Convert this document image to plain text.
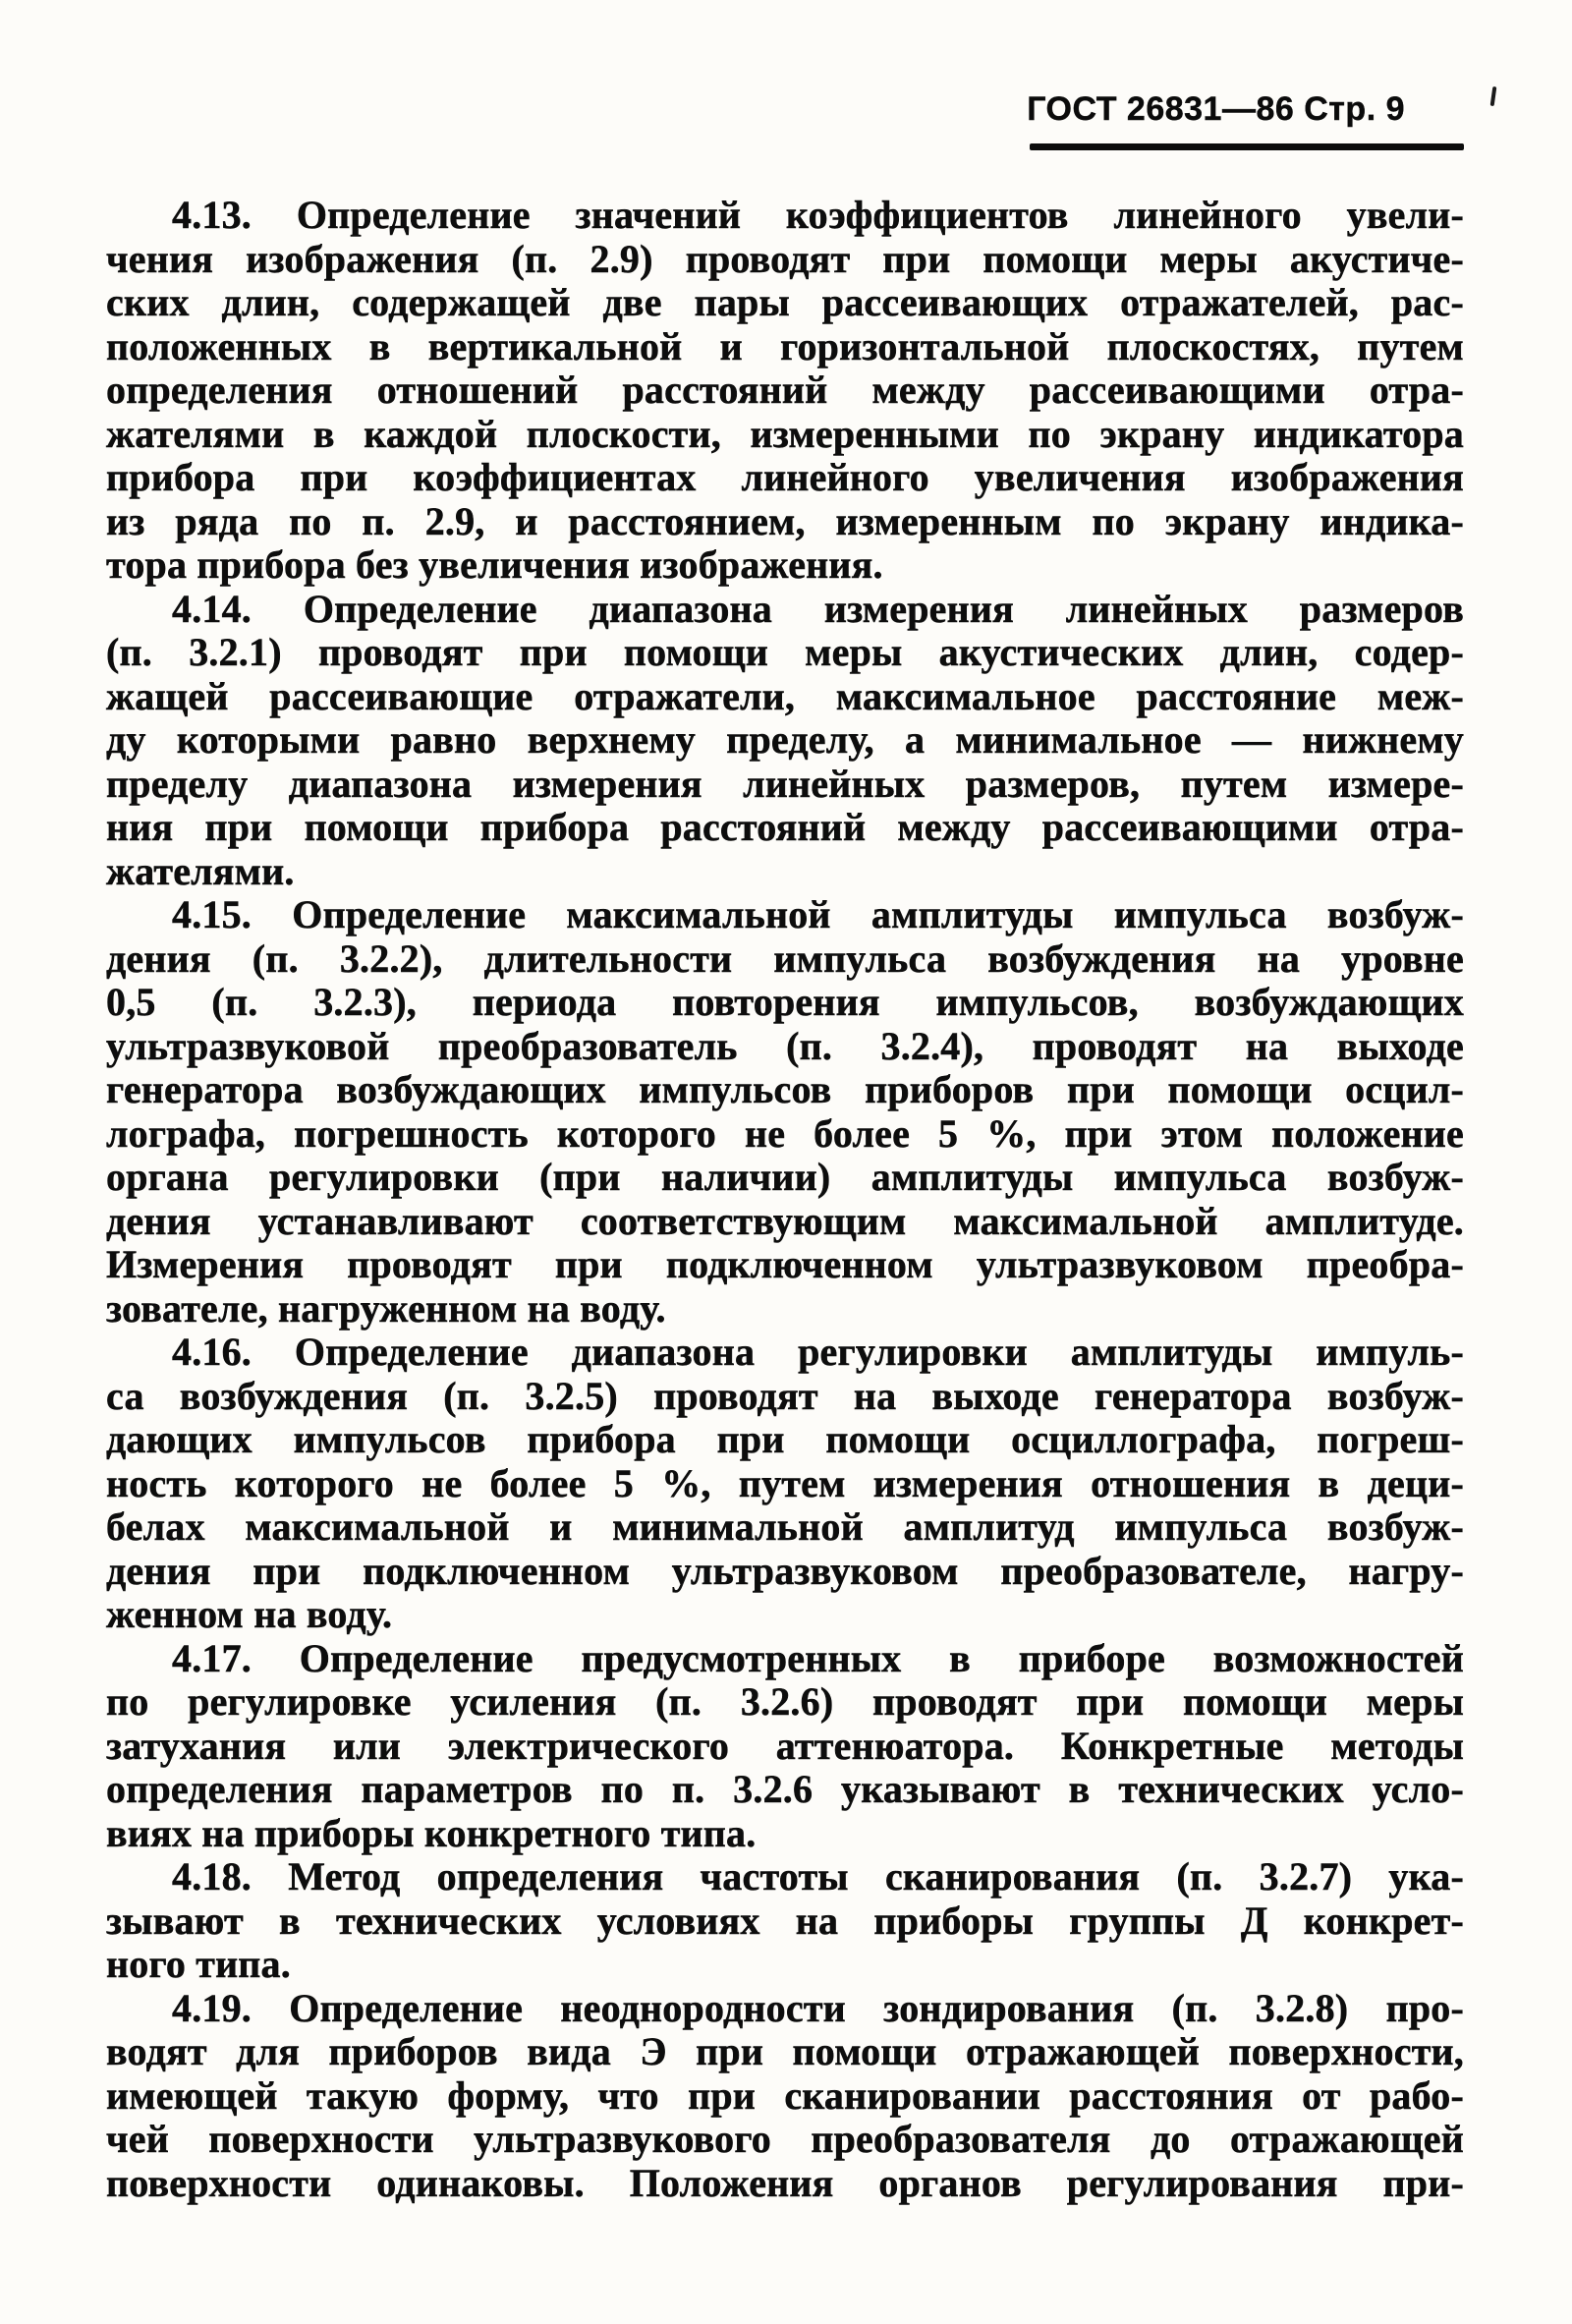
ГОСТ 26831—86 Стр. 9
4.13. Определение значений коэффициентов линейного увели-
чения изображения (п. 2.9) проводят при помощи меры акустиче-
ских длин, содержащей две пары рассеивающих отражателей, рас-
положенных в вертикальной и горизонтальной плоскостях, путем
определения отношений расстояний между рассеивающими отра-
жателями в каждой плоскости, измеренными по экрану индикатора
прибора при коэффициентах линейного увеличения изображения
из ряда по п. 2.9, и расстоянием, измеренным по экрану индика-
тора прибора без увеличения изображения.
4.14. Определение диапазона измерения линейных размеров
(п. 3.2.1) проводят при помощи меры акустических длин, содер-
жащей рассеивающие отражатели, максимальное расстояние меж-
ду которыми равно верхнему пределу, а минимальное — нижнему
пределу диапазона измерения линейных размеров, путем измере-
ния при помощи прибора расстояний между рассеивающими отра-
жателями.
4.15. Определение максимальной амплитуды импульса возбуж-
дения (п. 3.2.2), длительности импульса возбуждения на уровне
0,5 (п. 3.2.3), периода повторения импульсов, возбуждающих
ультразвуковой преобразователь (п. 3.2.4), проводят на выходе
генератора возбуждающих импульсов приборов при помощи осцил-
лографа, погрешность которого не более 5 %, при этом положение
органа регулировки (при наличии) амплитуды импульса возбуж-
дения устанавливают соответствующим максимальной амплитуде.
Измерения проводят при подключенном ультразвуковом преобра-
зователе, нагруженном на воду.
4.16. Определение диапазона регулировки амплитуды импуль-
са возбуждения (п. 3.2.5) проводят на выходе генератора возбуж-
дающих импульсов прибора при помощи осциллографа, погреш-
ность которого не более 5 %, путем измерения отношения в деци-
белах максимальной и минимальной амплитуд импульса возбуж-
дения при подключенном ультразвуковом преобразователе, нагру-
женном на воду.
4.17. Определение предусмотренных в приборе возможностей
по регулировке усиления (п. 3.2.6) проводят при помощи меры
затухания или электрического аттенюатора. Конкретные методы
определения параметров по п. 3.2.6 указывают в технических усло-
виях на приборы конкретного типа.
4.18. Метод определения частоты сканирования (п. 3.2.7) ука-
зывают в технических условиях на приборы группы Д конкрет-
ного типа.
4.19. Определение неоднородности зондирования (п. 3.2.8) про-
водят для приборов вида Э при помощи отражающей поверхности,
имеющей такую форму, что при сканировании расстояния от рабо-
чей поверхности ультразвукового преобразователя до отражающей
поверхности одинаковы. Положения органов регулирования при-
